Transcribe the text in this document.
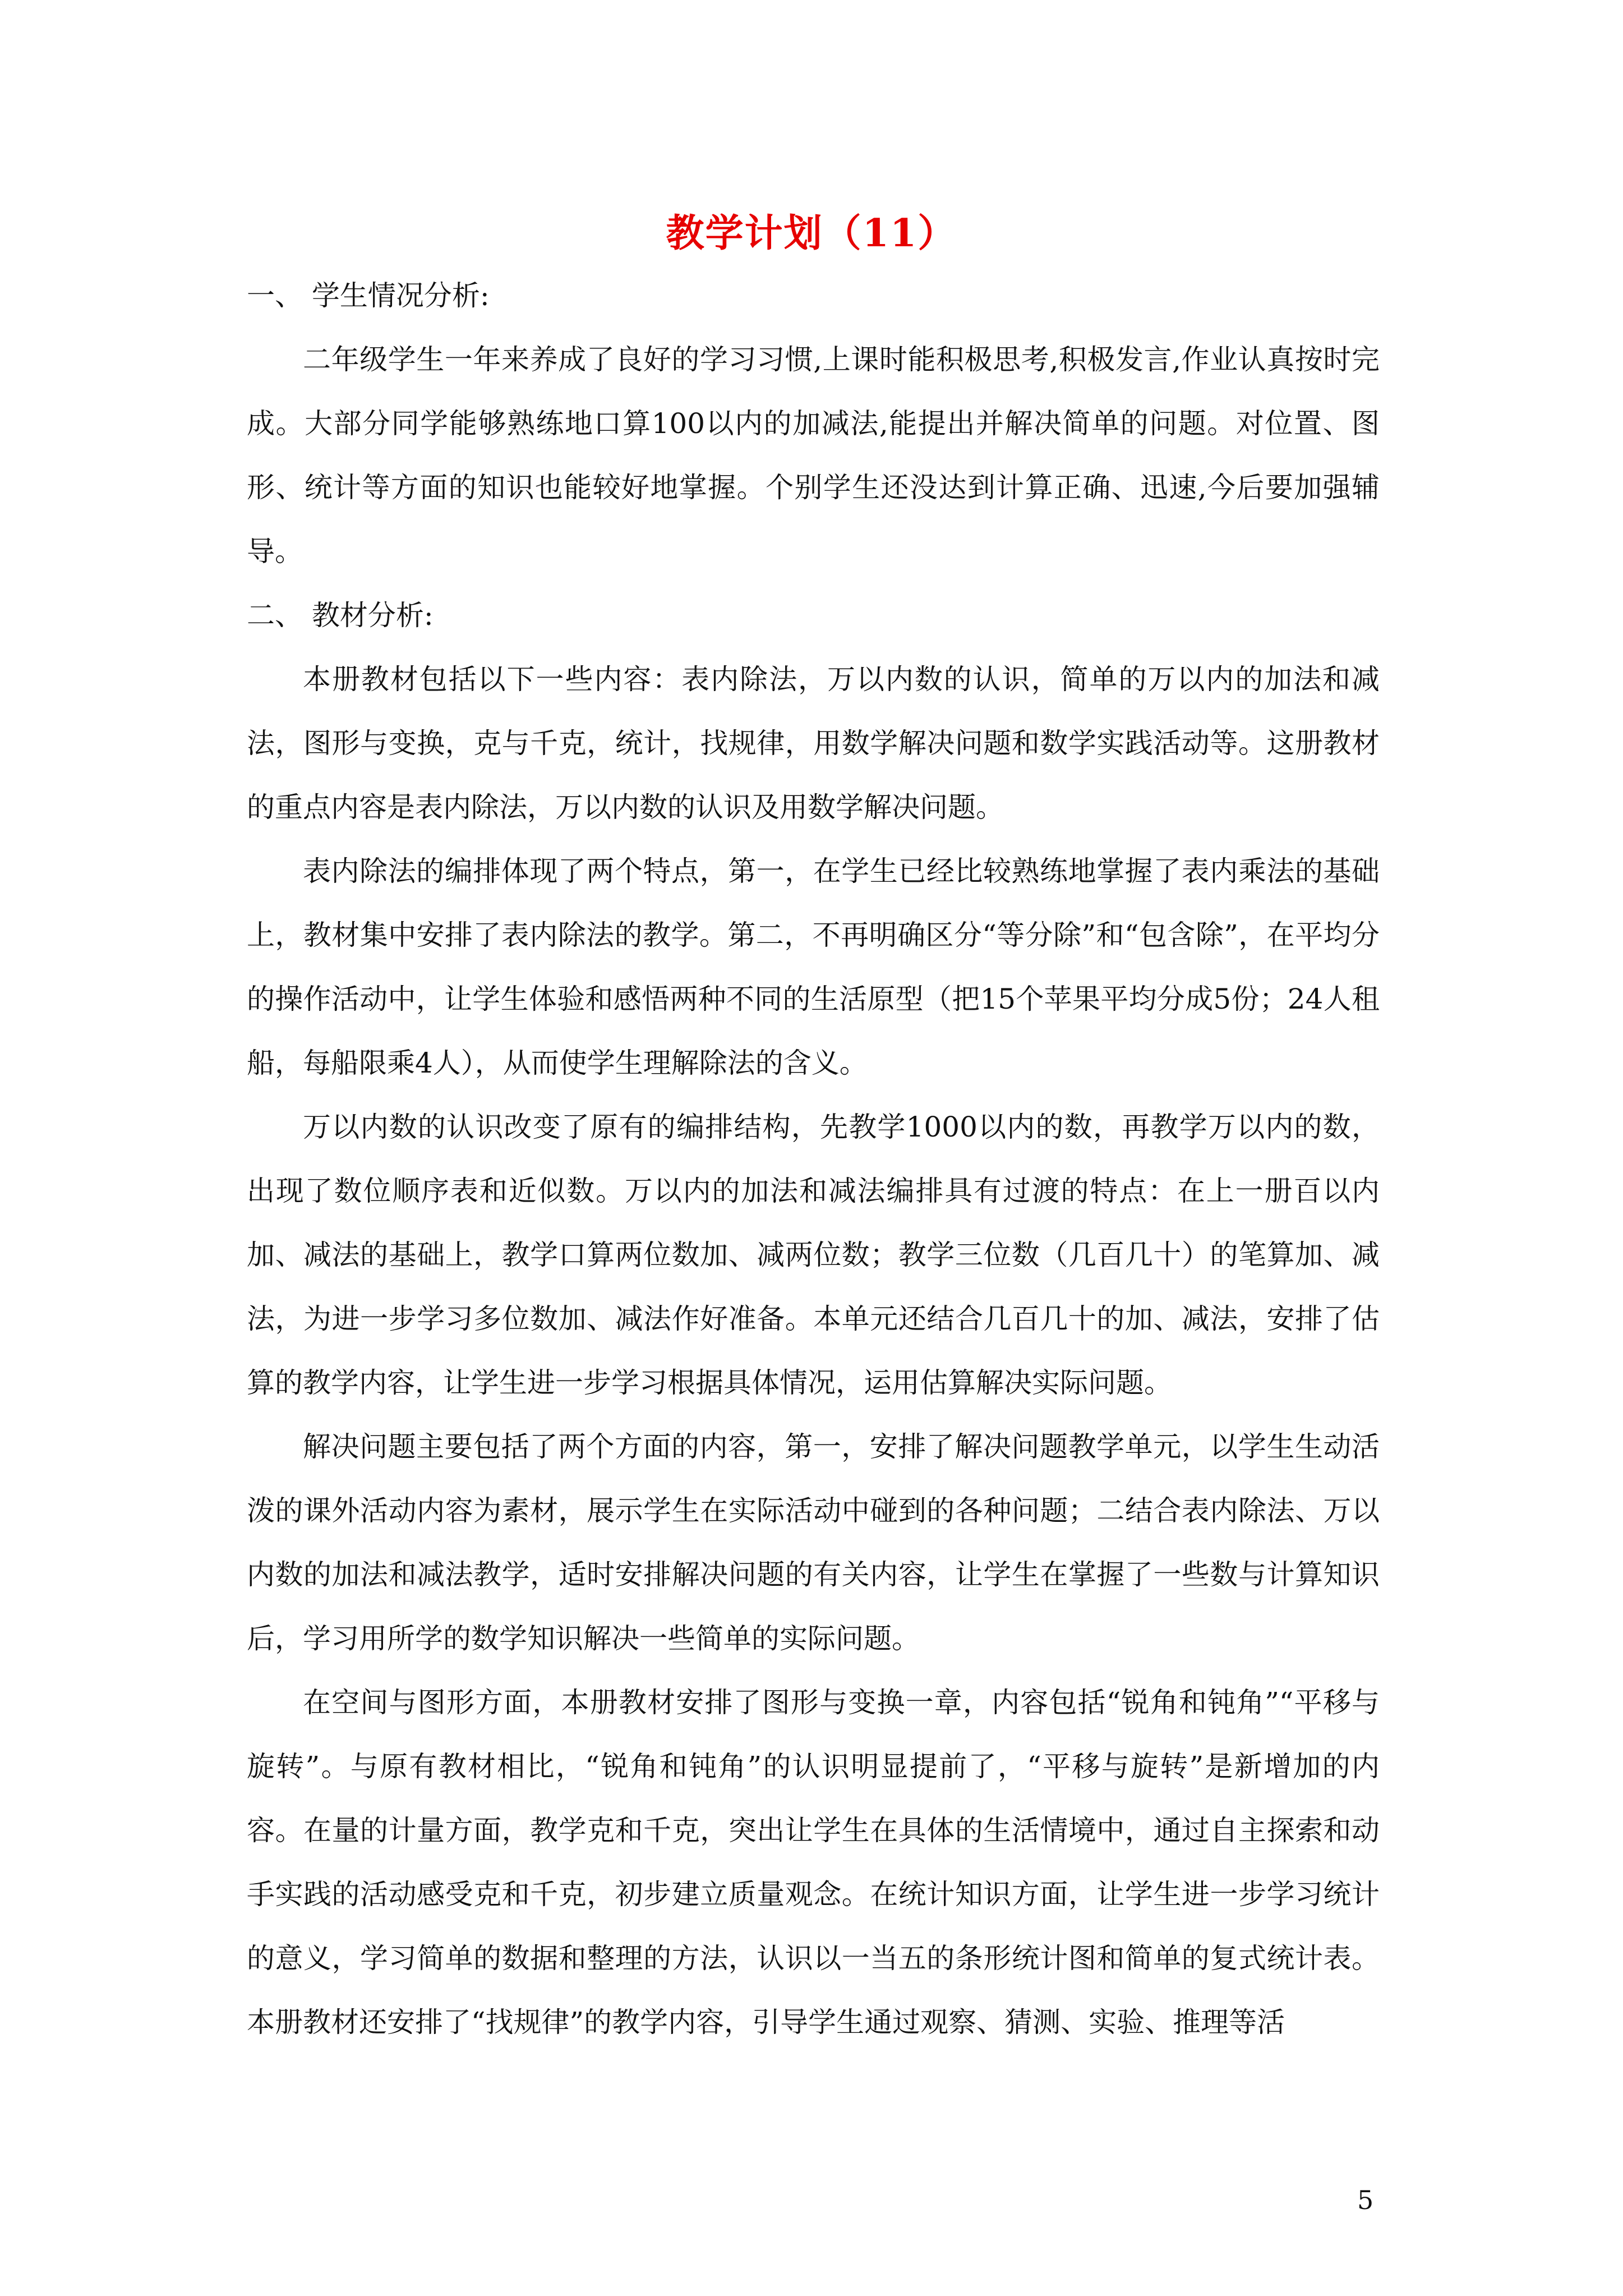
教学计划（11）

一、 学生情况分析:

二年级学生一年来养成了良好的学习习惯,上课时能积极思考,积极发言,作业认真按时完成。大部分同学能够熟练地口算100以内的加减法,能提出并解决简单的问题。对位置、图形、统计等方面的知识也能较好地掌握。个别学生还没达到计算正确、迅速,今后要加强辅导。

二、 教材分析:

本册教材包括以下一些内容：表内除法，万以内数的认识，简单的万以内的加法和减法，图形与变换，克与千克，统计，找规律，用数学解决问题和数学实践活动等。这册教材的重点内容是表内除法，万以内数的认识及用数学解决问题。

表内除法的编排体现了两个特点，第一，在学生已经比较熟练地掌握了表内乘法的基础上，教材集中安排了表内除法的教学。第二，不再明确区分“等分除”和“包含除”，在平均分的操作活动中，让学生体验和感悟两种不同的生活原型（把15个苹果平均分成5份；24人租船，每船限乘4人），从而使学生理解除法的含义。

万以内数的认识改变了原有的编排结构，先教学1000以内的数，再教学万以内的数，出现了数位顺序表和近似数。万以内的加法和减法编排具有过渡的特点：在上一册百以内加、减法的基础上，教学口算两位数加、减两位数；教学三位数（几百几十）的笔算加、减法，为进一步学习多位数加、减法作好准备。本单元还结合几百几十的加、减法，安排了估算的教学内容，让学生进一步学习根据具体情况，运用估算解决实际问题。

解决问题主要包括了两个方面的内容，第一，安排了解决问题教学单元，以学生生动活泼的课外活动内容为素材，展示学生在实际活动中碰到的各种问题；二结合表内除法、万以内数的加法和减法教学，适时安排解决问题的有关内容，让学生在掌握了一些数与计算知识后，学习用所学的数学知识解决一些简单的实际问题。

在空间与图形方面，本册教材安排了图形与变换一章，内容包括“锐角和钝角”“平移与旋转”。与原有教材相比，“锐角和钝角”的认识明显提前了，“平移与旋转”是新增加的内容。在量的计量方面，教学克和千克，突出让学生在具体的生活情境中，通过自主探索和动手实践的活动感受克和千克，初步建立质量观念。在统计知识方面，让学生进一步学习统计的意义，学习简单的数据和整理的方法，认识以一当五的条形统计图和简单的复式统计表。本册教材还安排了“找规律”的教学内容，引导学生通过观察、猜测、实验、推理等活

5
